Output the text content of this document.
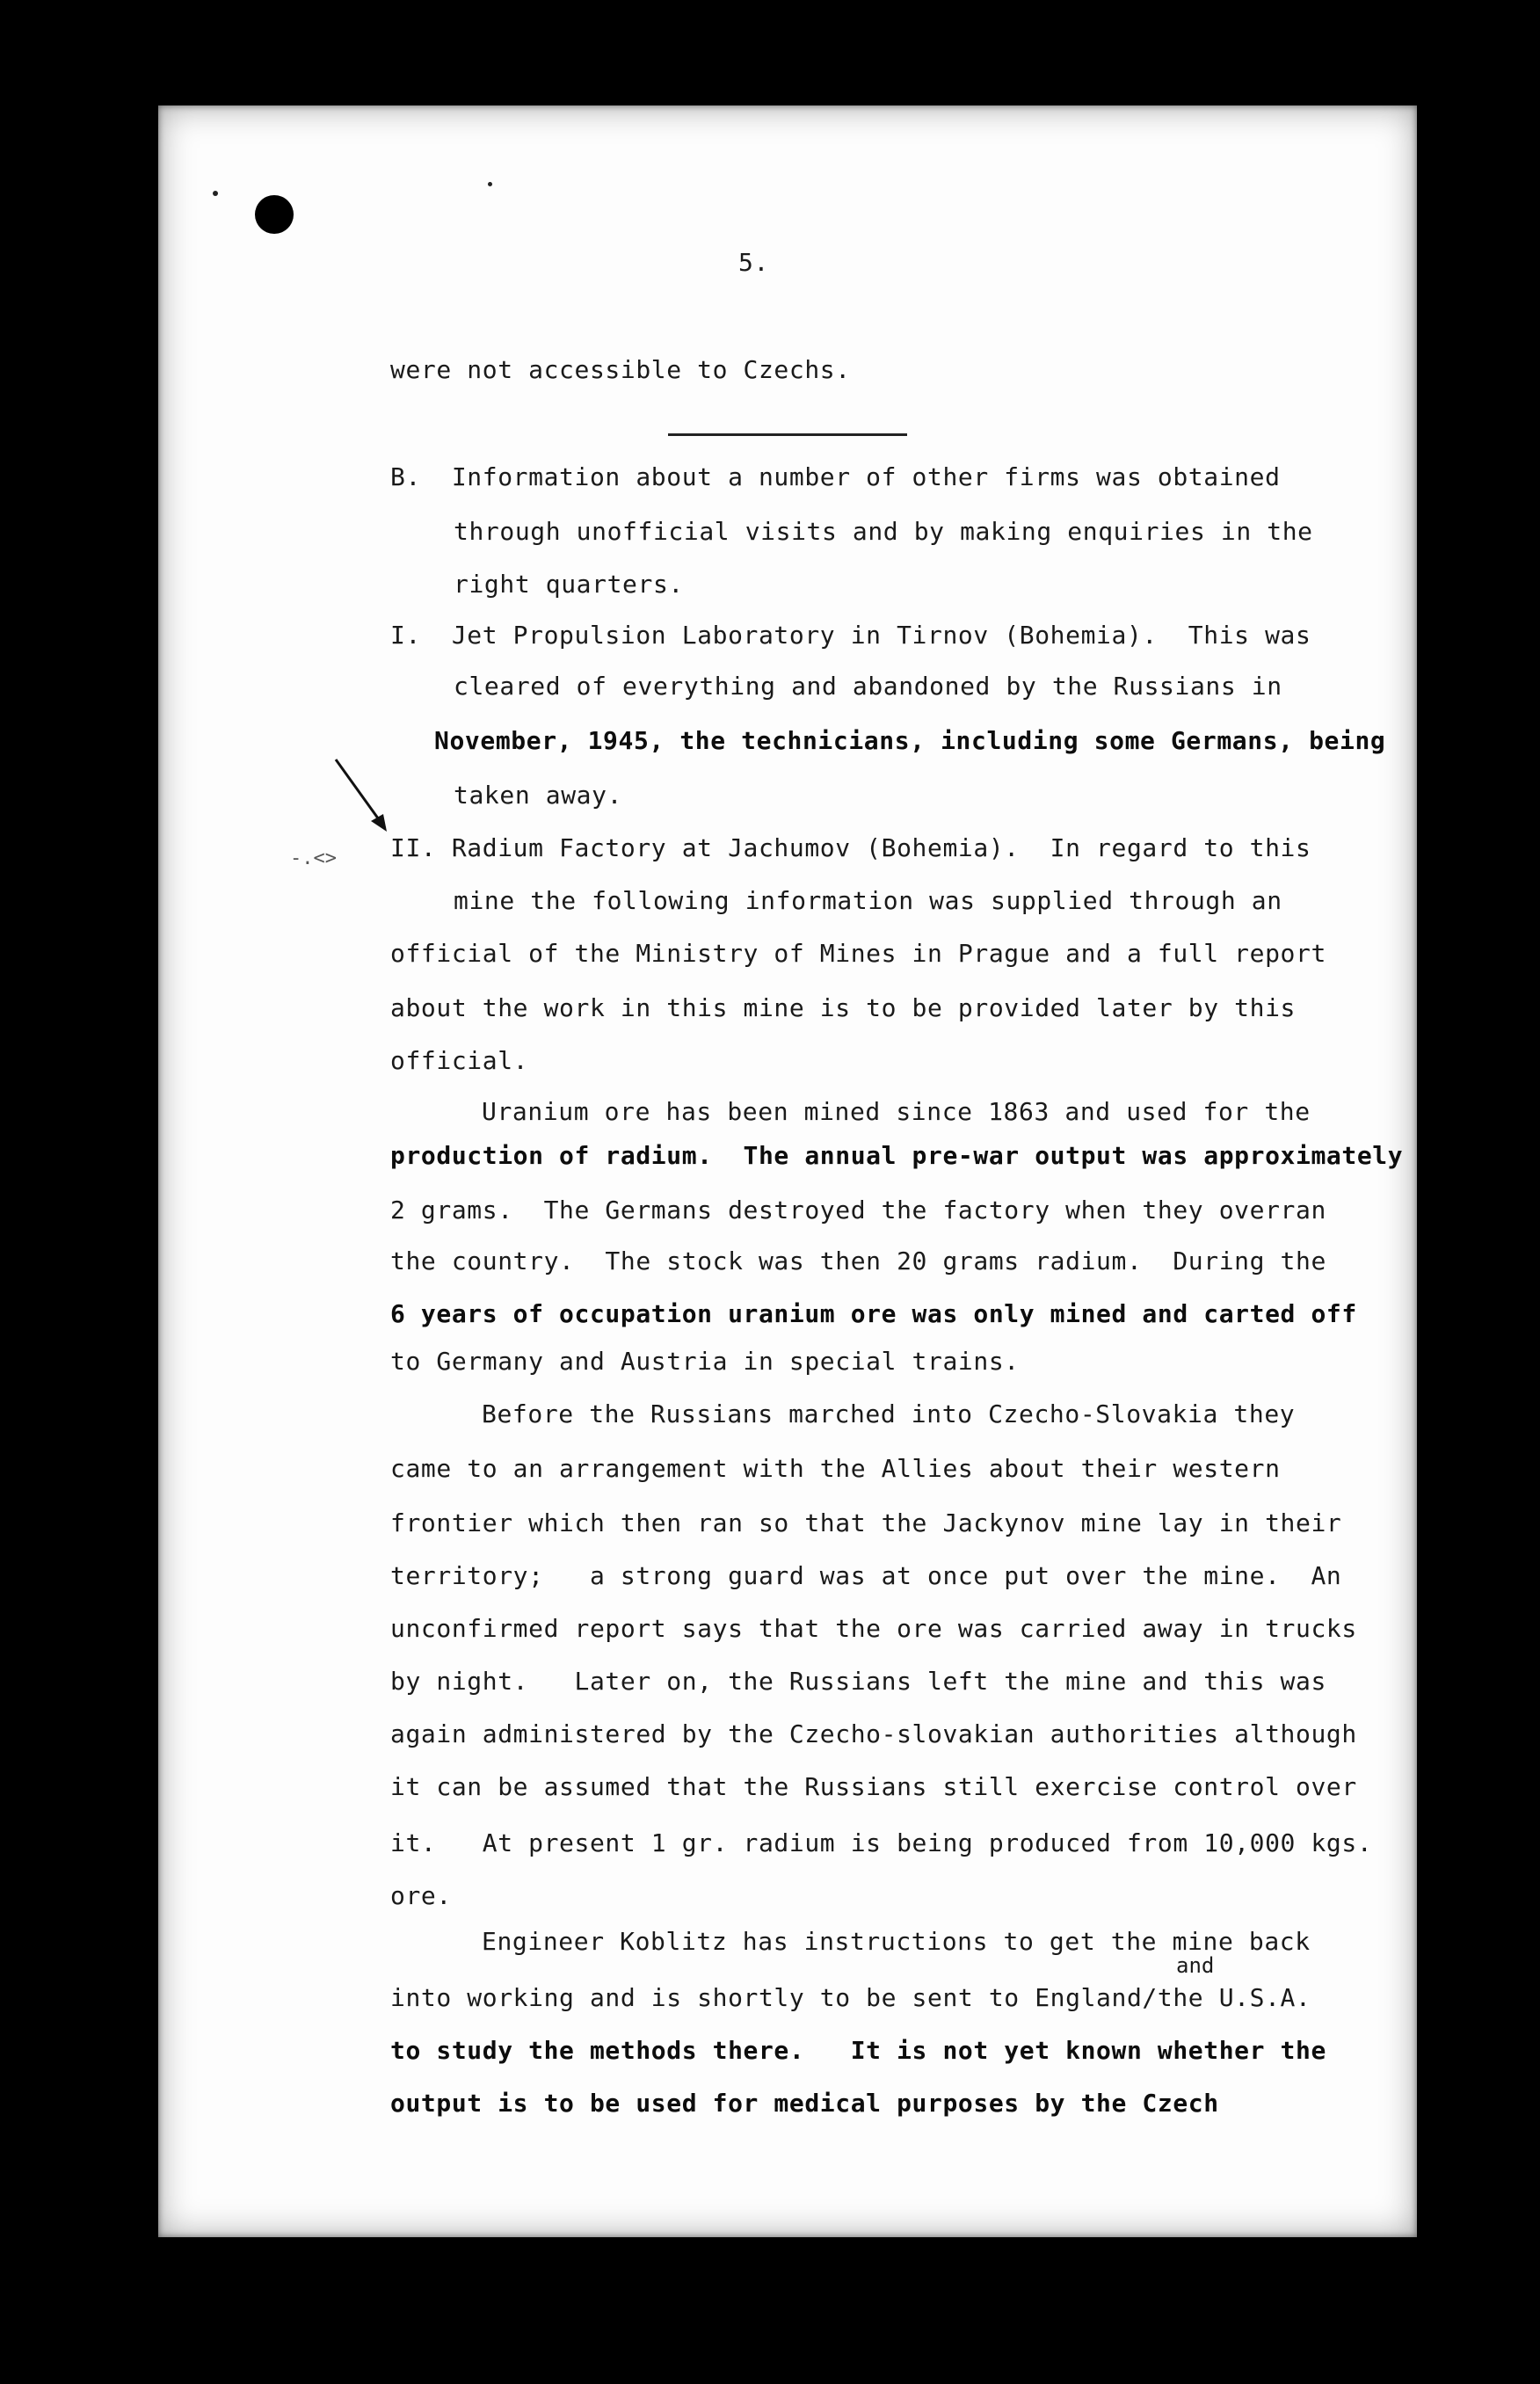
5.
were not accessible to Czechs.
B.  Information about a number of other firms was obtained
through unofficial visits and by making enquiries in the
right quarters.
I.  Jet Propulsion Laboratory in Tirnov (Bohemia).  This was
cleared of everything and abandoned by the Russians in
November, 1945, the technicians, including some Germans, being
taken away.
-.<> II. Radium Factory at Jachumov (Bohemia).  In regard to this
mine the following information was supplied through an
official of the Ministry of Mines in Prague and a full report
about the work in this mine is to be provided later by this
official.
Uranium ore has been mined since 1863 and used for the
production of radium.  The annual pre-war output was approximately
2 grams.  The Germans destroyed the factory when they overran
the country.  The stock was then 20 grams radium.  During the
6 years of occupation uranium ore was only mined and carted off
to Germany and Austria in special trains.
Before the Russians marched into Czecho-Slovakia they
came to an arrangement with the Allies about their western
frontier which then ran so that the Jackynov mine lay in their
territory;   a strong guard was at once put over the mine.  An
unconfirmed report says that the ore was carried away in trucks
by night.   Later on, the Russians left the mine and this was
again administered by the Czecho-slovakian authorities although
it can be assumed that the Russians still exercise control over
it.   At present 1 gr. radium is being produced from 10,000 kgs.
ore.
Engineer Koblitz has instructions to get the mine back
and
into working and is shortly to be sent to England/the U.S.A.
to study the methods there.   It is not yet known whether the
output is to be used for medical purposes by the Czech
